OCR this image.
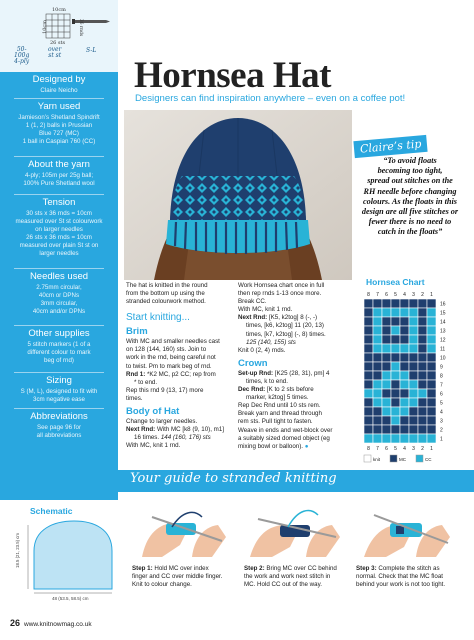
10cm
10cm	36 rnds
26 sts
50-
100g
4-ply
over
st st
S-L
Designed by
Claire Neicho
Yarn used
Jamieson’s Shetland Spindrift
1 (1, 2) balls in Prussian
Blue 727 (MC)
1 ball in Caspian 760 (CC)
About the yarn
4-ply; 105m per 25g ball;
100% Pure Shetland wool
Tension
30 sts x 36 rnds = 10cm
measured over St st colourwork
on larger needles
26 sts x 36 rnds = 10cm
measured over plain St st on
larger needles
Needles used
2.75mm circular,
40cm or DPNs
3mm circular,
40cm and/or DPNs
Other supplies
5 stitch markers (1 of a
different colour to mark
beg of rnd)
Sizing
S (M, L), designed to fit with
3cm negative ease
Abbreviations
See page 96 for
all abbreviations
Hornsea Hat
Designers can find inspiration anywhere – even on a coffee pot!
Claire’s tip
“To avoid floats
becoming too tight,
spread out stitches on the
RH needle before changing
colours. As the floats in this
design are all five stitches or
fewer there is no need to
catch in the floats”

The hat is knitted in the round

from the bottom up using the

stranded colourwork method.

Start knitting...
Brim

With MC and smaller needles cast

on 128 (144, 160) sts. Join to

work in the rnd, being careful not

to twist. Pm to mark beg of rnd.

Rnd 1: *K2 MC, p2 CC; rep from

* to end.

Rep this rnd 9 (13, 17) more

times.

Body of Hat

Change to larger needles.

Next Rnd: With MC [k8 (9, 10), m1]

16 times. 144 (160, 176) sts

With MC, knit 1 rnd.

Work Hornsea chart once in full

then rep rnds 1-13 once more.

Break CC.

With MC, knit 1 rnd.

Next Rnd: [K5, k2tog] 8 (-, -)

times, [k6, k2tog] 11 (20, 13)

times, [k7, k2tog] (-, 8) times.

125 (140, 155) sts

Knit 0 (2, 4) rnds.

Crown

Set-up Rnd: [K25 (28, 31), pm] 4

times, k to end.

Dec Rnd: [K to 2 sts before

marker, k2tog] 5 times.

Rep Dec Rnd until 10 sts rem.

Break yarn and thread through

rem sts. Pull tight to fasten.

Weave in ends and wet-block over

a suitably sized domed object (eg

mixing bowl or balloon). ●

Hornsea Chart
8 7 6 5 4 3 2 1
16
15
14
13
12
11
10
9
8
7
6
5
4
3
2
1
8 7 6 5 4 3 2 1
knit	MC	CC
Your guide to stranded knitting
Schematic
18.5 (21, 23.5) cm
48 (53.5, 58.5) cm
Step 1: Hold MC over index
finger and CC over middle finger.
Knit to colour change.
Step 2: Bring MC over CC behind
the work and work next stitch in
MC. Hold CC out of the way.
Step 3: Complete the stitch as
normal. Check that the MC float
behind your work is not too tight.
26 www.knitnowmag.co.uk
